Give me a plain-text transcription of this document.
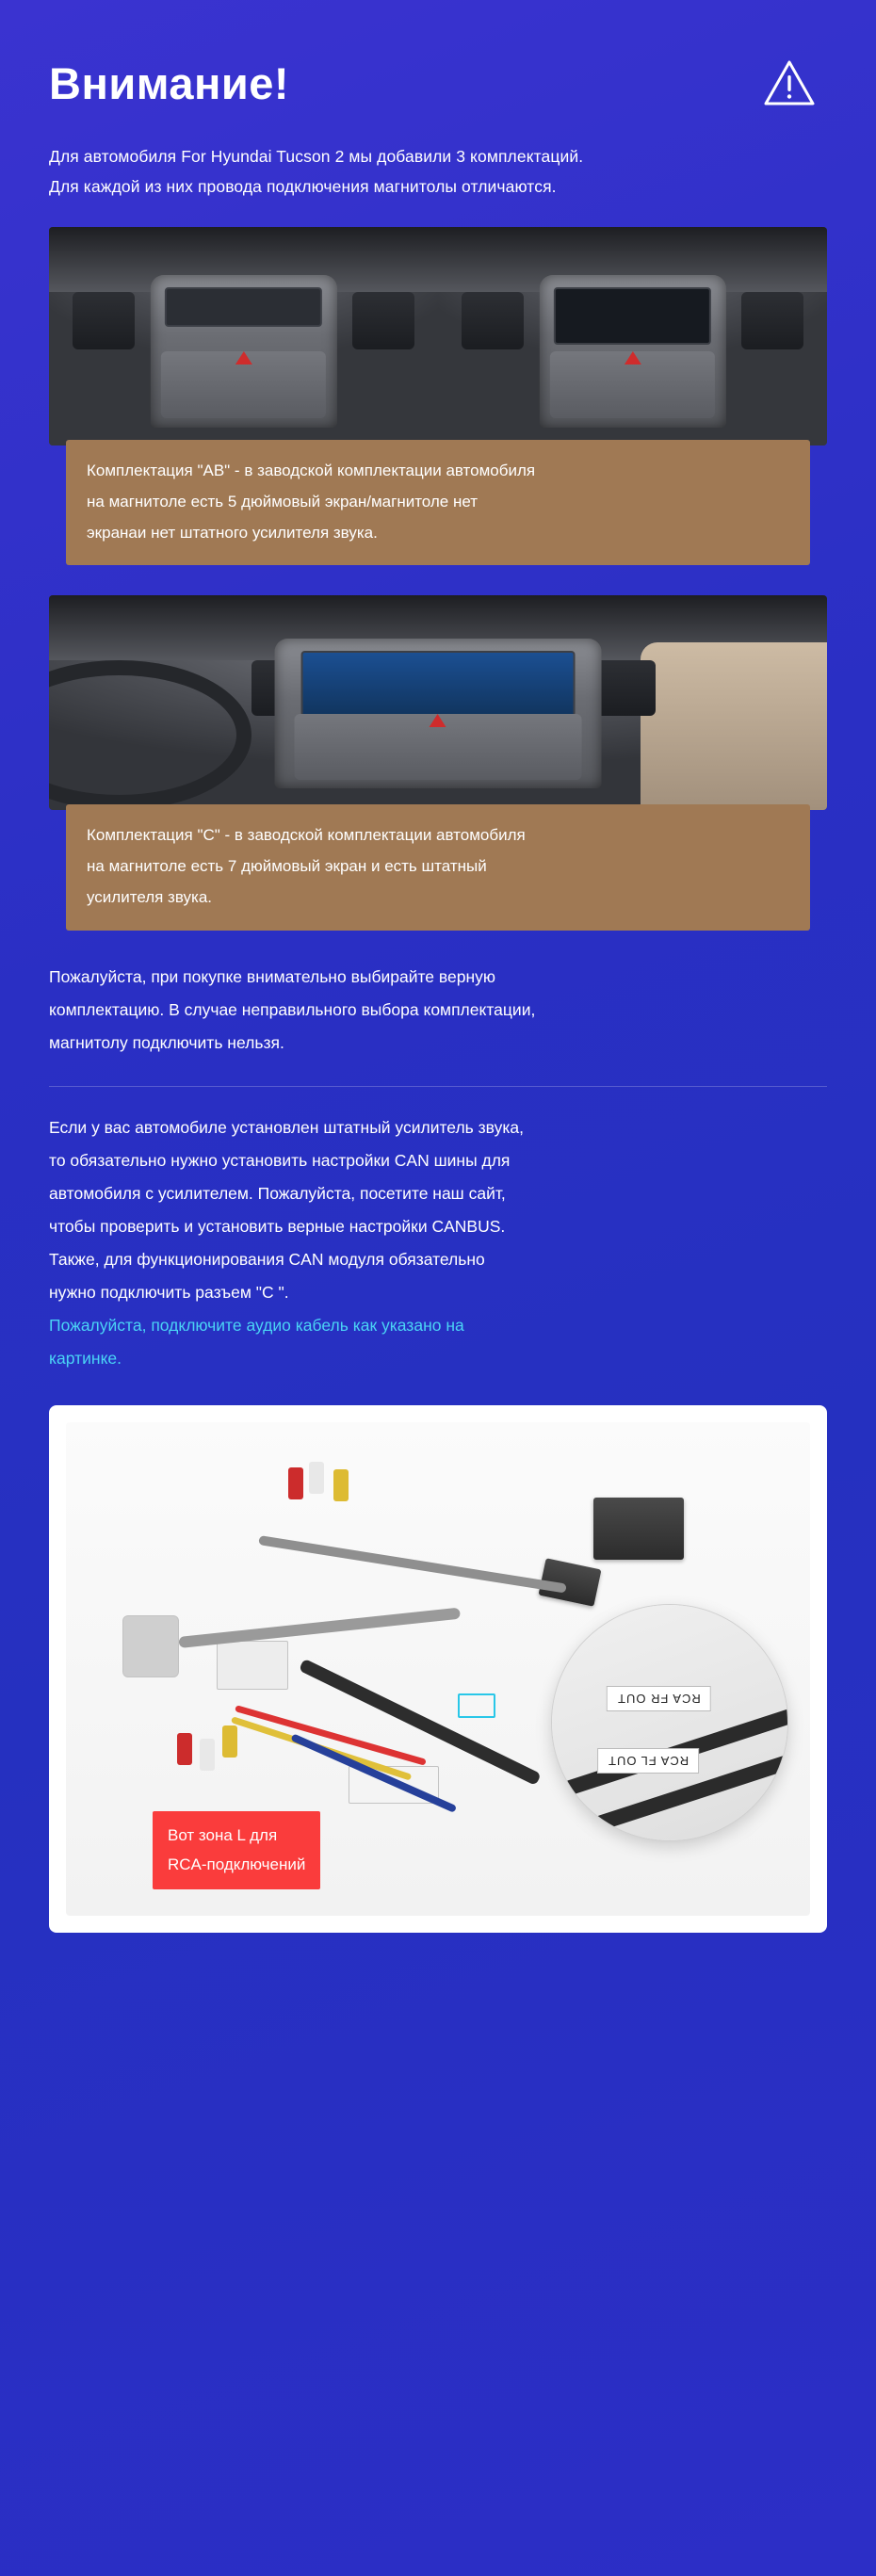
Внимание!
Для автомобиля For Hyundai Tucson 2 мы добавили 3 комплектаций.
Для каждой из них провода подключения магнитолы отличаются.
Комплектация "AB" - в заводской комплектации автомобиля
на магнитоле есть 5 дюймовый экран/магнитоле нет
экранаи нет штатного усилителя звука.
Комплектация "C" - в заводской комплектации автомобиля
на магнитоле есть 7 дюймовый экран и есть штатный
усилителя звука.
Пожалуйста, при покупке внимательно выбирайте верную
комплектацию. В случае неправильного выбора комплектации,
магнитолу подключить нельзя.
Если у вас автомобиле установлен штатный усилитель звука,
то обязательно нужно установить настройки CAN шины для
автомобиля с усилителем. Пожалуйста, посетите наш сайт,
чтобы проверить и установить верные настройки CANBUS.
Также, для функционирования CAN модуля обязательно
нужно подключить разъем "C ".
Пожалуйста, подключите аудио кабель как указано на
картинке.
RCA FR OUT
RCA FL OUT
Вот зона L для
RCA-подключений
